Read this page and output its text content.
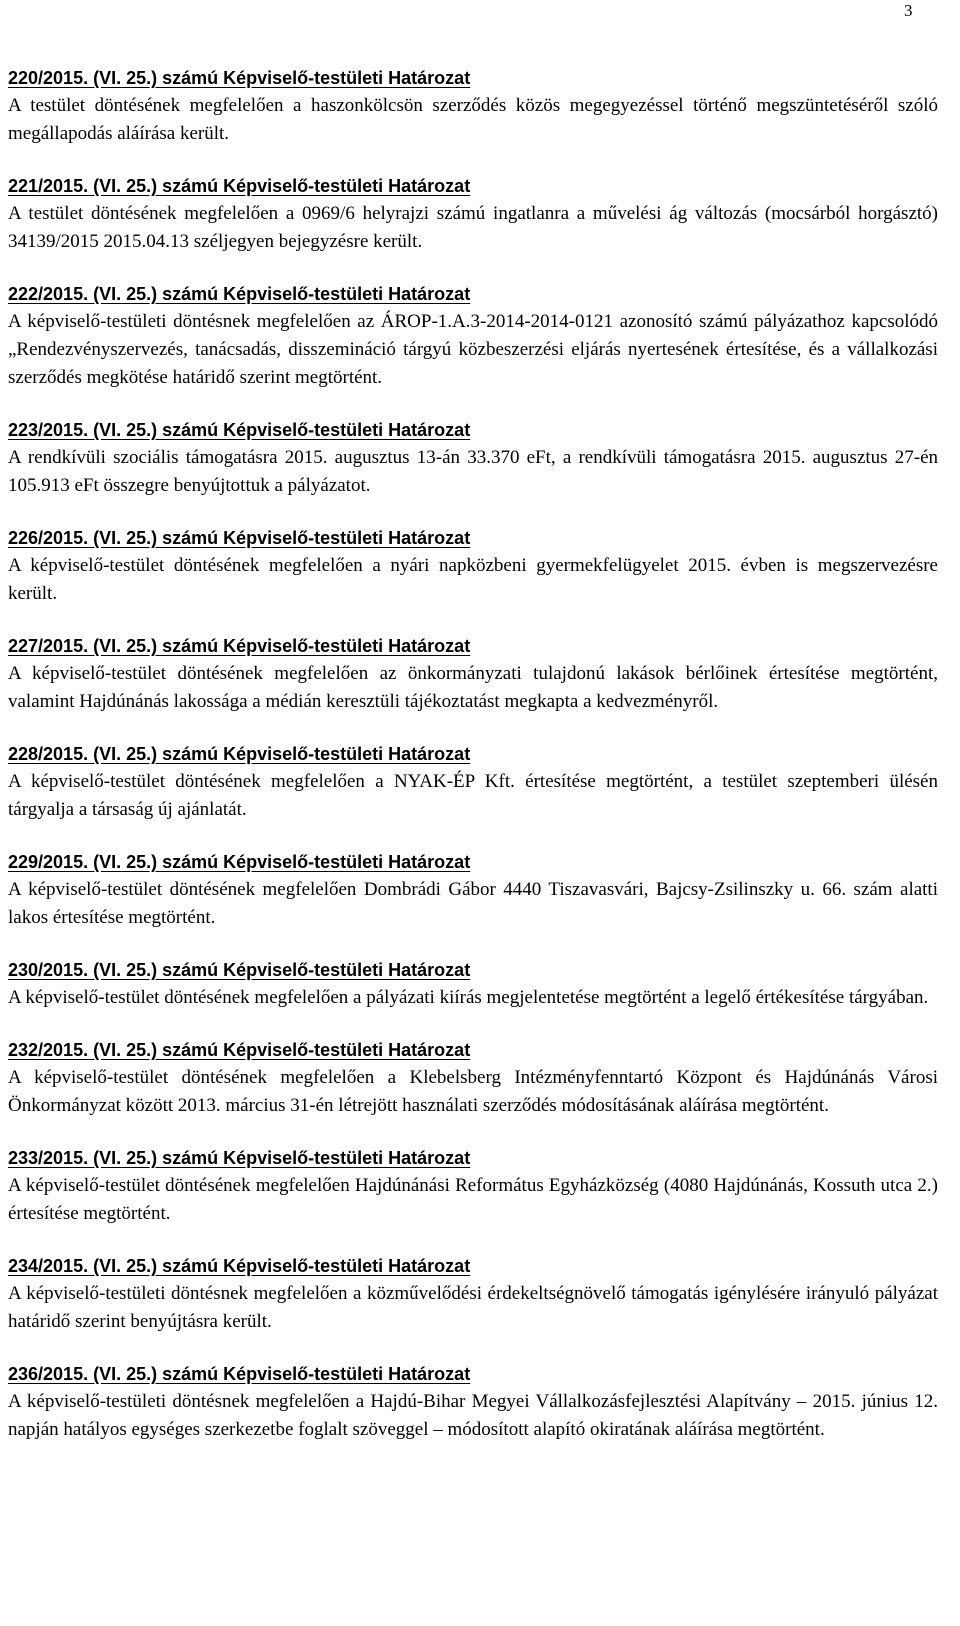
3
220/2015. (VI. 25.) számú Képviselő-testületi Határozat
A testület döntésének megfelelően a haszonkölcsön szerződés közös megegyezéssel történő megszüntetéséről szóló megállapodás aláírása került.
221/2015. (VI. 25.) számú Képviselő-testületi Határozat
A testület döntésének megfelelően a 0969/6 helyrajzi számú ingatlanra a művelési ág változás (mocsárból horgásztó) 34139/2015 2015.04.13 széljegyen bejegyzésre került.
222/2015. (VI. 25.) számú Képviselő-testületi Határozat
A képviselő-testületi döntésnek megfelelően az ÁROP-1.A.3-2014-2014-0121 azonosító számú pályázathoz kapcsolódó „Rendezvényszervezés, tanácsadás, disszemináció tárgyú közbeszerzési eljárás nyertesének értesítése, és a vállalkozási szerződés megkötése határidő szerint megtörtént.
223/2015. (VI. 25.) számú Képviselő-testületi Határozat
A rendkívüli szociális támogatásra 2015. augusztus 13-án 33.370 eFt, a rendkívüli támogatásra 2015. augusztus 27-én 105.913 eFt összegre benyújtottuk a pályázatot.
226/2015. (VI. 25.) számú Képviselő-testületi Határozat
A képviselő-testület döntésének megfelelően a nyári napközbeni gyermekfelügyelet 2015. évben is megszervezésre került.
227/2015. (VI. 25.) számú Képviselő-testületi Határozat
A képviselő-testület döntésének megfelelően az önkormányzati tulajdonú lakások bérlőinek értesítése megtörtént, valamint Hajdúnánás lakossága a médián keresztüli tájékoztatást megkapta a kedvezményről.
228/2015. (VI. 25.) számú Képviselő-testületi Határozat
A képviselő-testület döntésének megfelelően a NYAK-ÉP Kft. értesítése megtörtént, a testület szeptemberi ülésén tárgyalja a társaság új ajánlatát.
229/2015. (VI. 25.) számú Képviselő-testületi Határozat
A képviselő-testület döntésének megfelelően Dombrádi Gábor 4440 Tiszavasvári, Bajcsy-Zsilinszky u. 66. szám alatti lakos értesítése megtörtént.
230/2015. (VI. 25.) számú Képviselő-testületi Határozat
A képviselő-testület döntésének megfelelően a pályázati kiírás megjelentetése megtörtént a legelő értékesítése tárgyában.
232/2015. (VI. 25.) számú Képviselő-testületi Határozat
A képviselő-testület döntésének megfelelően a Klebelsberg Intézményfenntartó Központ és Hajdúnánás Városi Önkormányzat között 2013. március 31-én létrejött használati szerződés módosításának aláírása megtörtént.
233/2015. (VI. 25.) számú Képviselő-testületi Határozat
A képviselő-testület döntésének megfelelően Hajdúnánási Református Egyházközség (4080 Hajdúnánás, Kossuth utca 2.) értesítése megtörtént.
234/2015. (VI. 25.) számú Képviselő-testületi Határozat
A képviselő-testületi döntésnek megfelelően a közművelődési érdekeltségnövelő támogatás igénylésére irányuló pályázat határidő szerint benyújtásra került.
236/2015. (VI. 25.) számú Képviselő-testületi Határozat
A képviselő-testületi döntésnek megfelelően a Hajdú-Bihar Megyei Vállalkozásfejlesztési Alapítvány – 2015. június 12. napján hatályos egységes szerkezetbe foglalt szöveggel – módosított alapító okiratának aláírása megtörtént.
